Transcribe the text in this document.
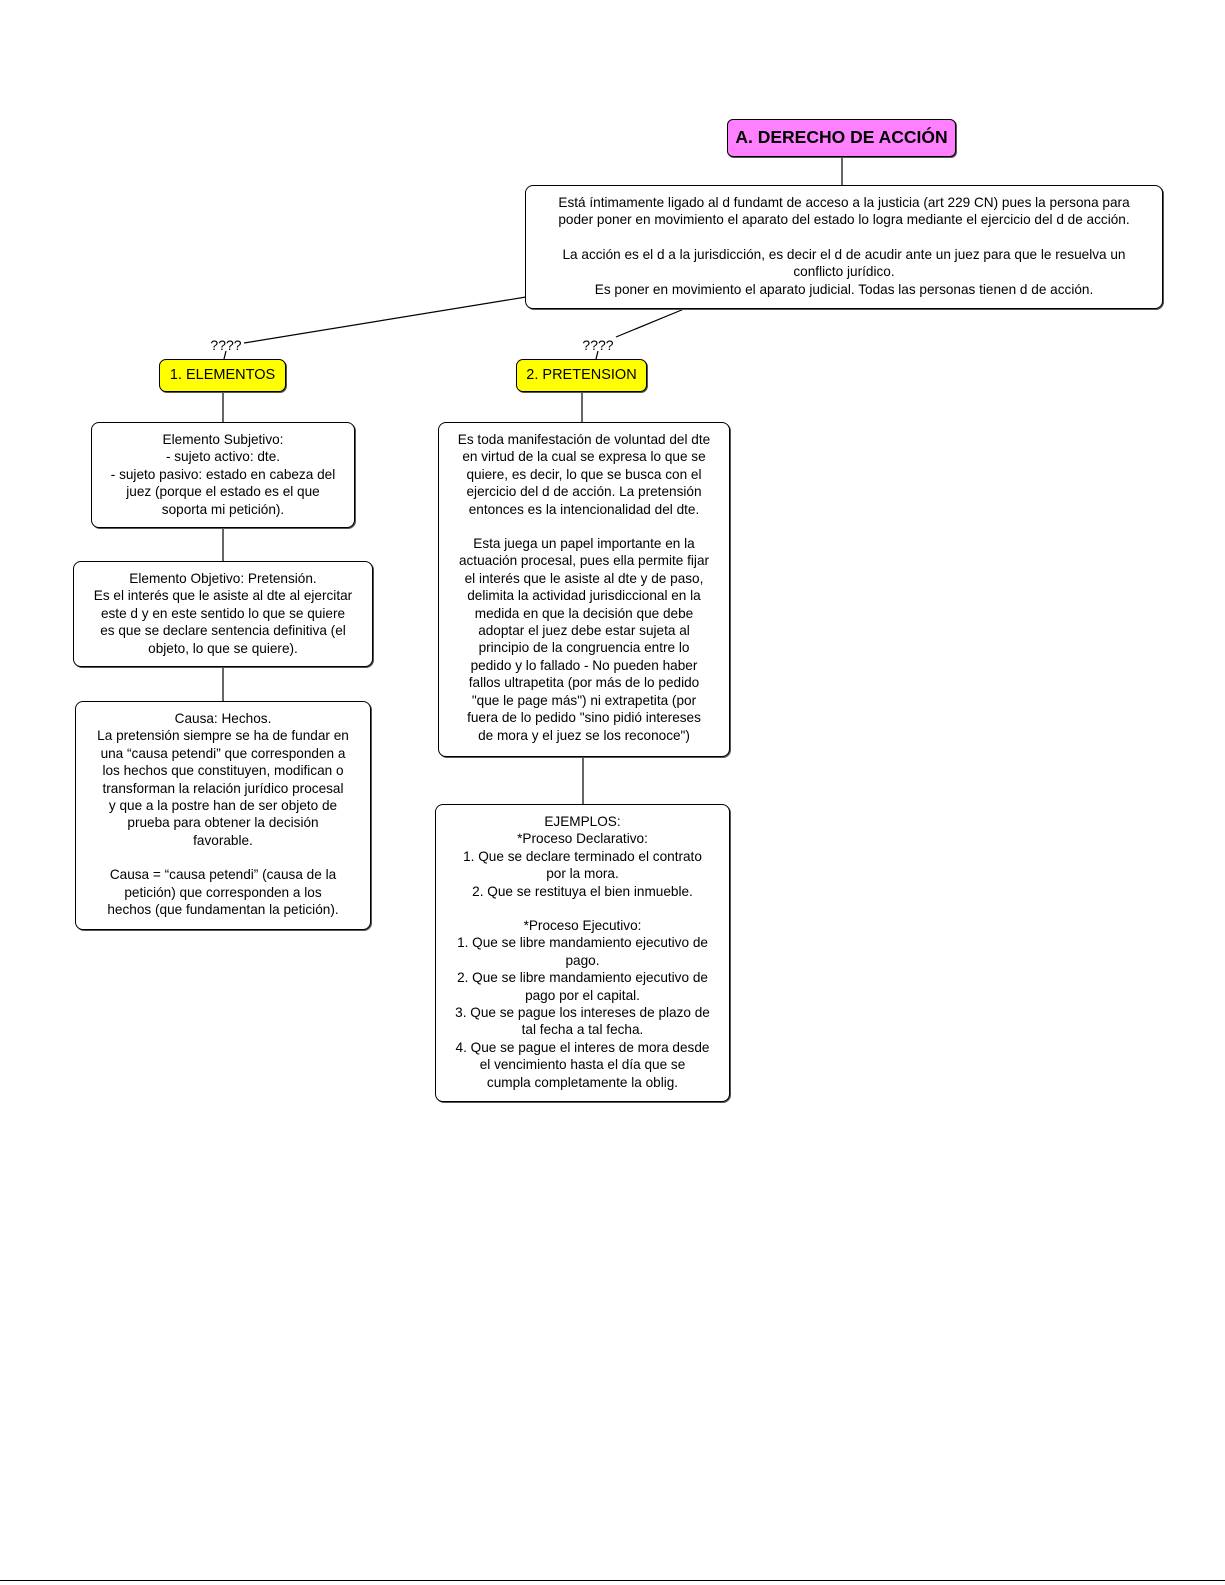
A. DERECHO DE ACCIÓN
Está íntimamente ligado al d fundamt de acceso a la justicia (art 229 CN) pues la persona para
poder poner en movimiento el aparato del estado lo logra mediante el ejercicio del d de acción.
La acción es el d a la jurisdicción, es decir el d de acudir ante un juez para que le resuelva un
conflicto jurídico.
Es poner en movimiento el aparato judicial. Todas las personas tienen d de acción.
????	????
1. ELEMENTOS	2. PRETENSION
Elemento Subjetivo:
- sujeto activo: dte.
- sujeto pasivo: estado en cabeza del
juez (porque el estado es el que
soporta mi petición).
Elemento Objetivo: Pretensión.
Es el interés que le asiste al dte al ejercitar
este d y en este sentido lo que se quiere
es que se declare sentencia definitiva (el
objeto, lo que se quiere).
Causa: Hechos.
La pretensión siempre se ha de fundar en
una “causa petendi” que corresponden a
los hechos que constituyen, modifican o
transforman la relación jurídico procesal
y que a la postre han de ser objeto de
prueba para obtener la decisión
favorable.
Causa = “causa petendi” (causa de la
petición) que corresponden a los
hechos (que fundamentan la petición).
Es toda manifestación de voluntad del dte
en virtud de la cual se expresa lo que se
quiere, es decir, lo que se busca con el
ejercicio del d de acción. La pretensión
entonces es la intencionalidad del dte.
Esta juega un papel importante en la
actuación procesal, pues ella permite fijar
el interés que le asiste al dte y de paso,
delimita la actividad jurisdiccional en la
medida en que la decisión que debe
adoptar el juez debe estar sujeta al
principio de la congruencia entre lo
pedido y lo fallado - No pueden haber
fallos ultrapetita (por más de lo pedido
"que le page más") ni extrapetita (por
fuera de lo pedido "sino pidió intereses
de mora y el juez se los reconoce")
EJEMPLOS:
*Proceso Declarativo:
1. Que se declare terminado el contrato
por la mora.
2. Que se restituya el bien inmueble.
*Proceso Ejecutivo:
1. Que se libre mandamiento ejecutivo de
pago.
2. Que se libre mandamiento ejecutivo de
pago por el capital.
3. Que se pague los intereses de plazo de
tal fecha a tal fecha.
4. Que se pague el interes de mora desde
el vencimiento hasta el día que se
cumpla completamente la oblig.
